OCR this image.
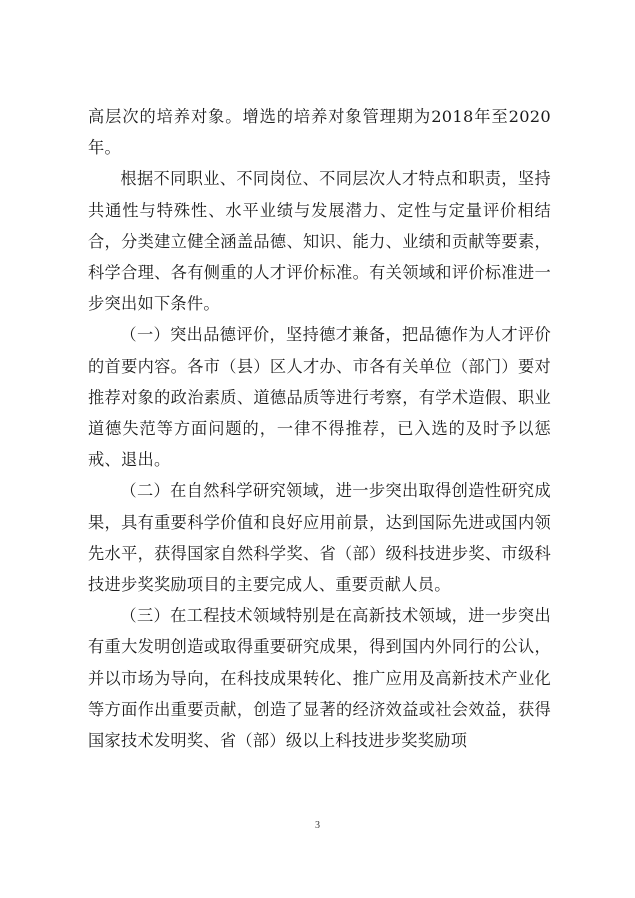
高层次的培养对象。增选的培养对象管理期为2018年至2020年。

根据不同职业、不同岗位、不同层次人才特点和职责，坚持共通性与特殊性、水平业绩与发展潜力、定性与定量评价相结合，分类建立健全涵盖品德、知识、能力、业绩和贡献等要素，科学合理、各有侧重的人才评价标准。有关领域和评价标准进一步突出如下条件。

（一）突出品德评价，坚持德才兼备，把品德作为人才评价的首要内容。各市（县）区人才办、市各有关单位（部门）要对推荐对象的政治素质、道德品质等进行考察，有学术造假、职业道德失范等方面问题的，一律不得推荐，已入选的及时予以惩戒、退出。

（二）在自然科学研究领域，进一步突出取得创造性研究成果，具有重要科学价值和良好应用前景，达到国际先进或国内领先水平，获得国家自然科学奖、省（部）级科技进步奖、市级科技进步奖奖励项目的主要完成人、重要贡献人员。

（三）在工程技术领域特别是在高新技术领域，进一步突出有重大发明创造或取得重要研究成果，得到国内外同行的公认，并以市场为导向，在科技成果转化、推广应用及高新技术产业化等方面作出重要贡献，创造了显著的经济效益或社会效益，获得国家技术发明奖、省（部）级以上科技进步奖奖励项

3
